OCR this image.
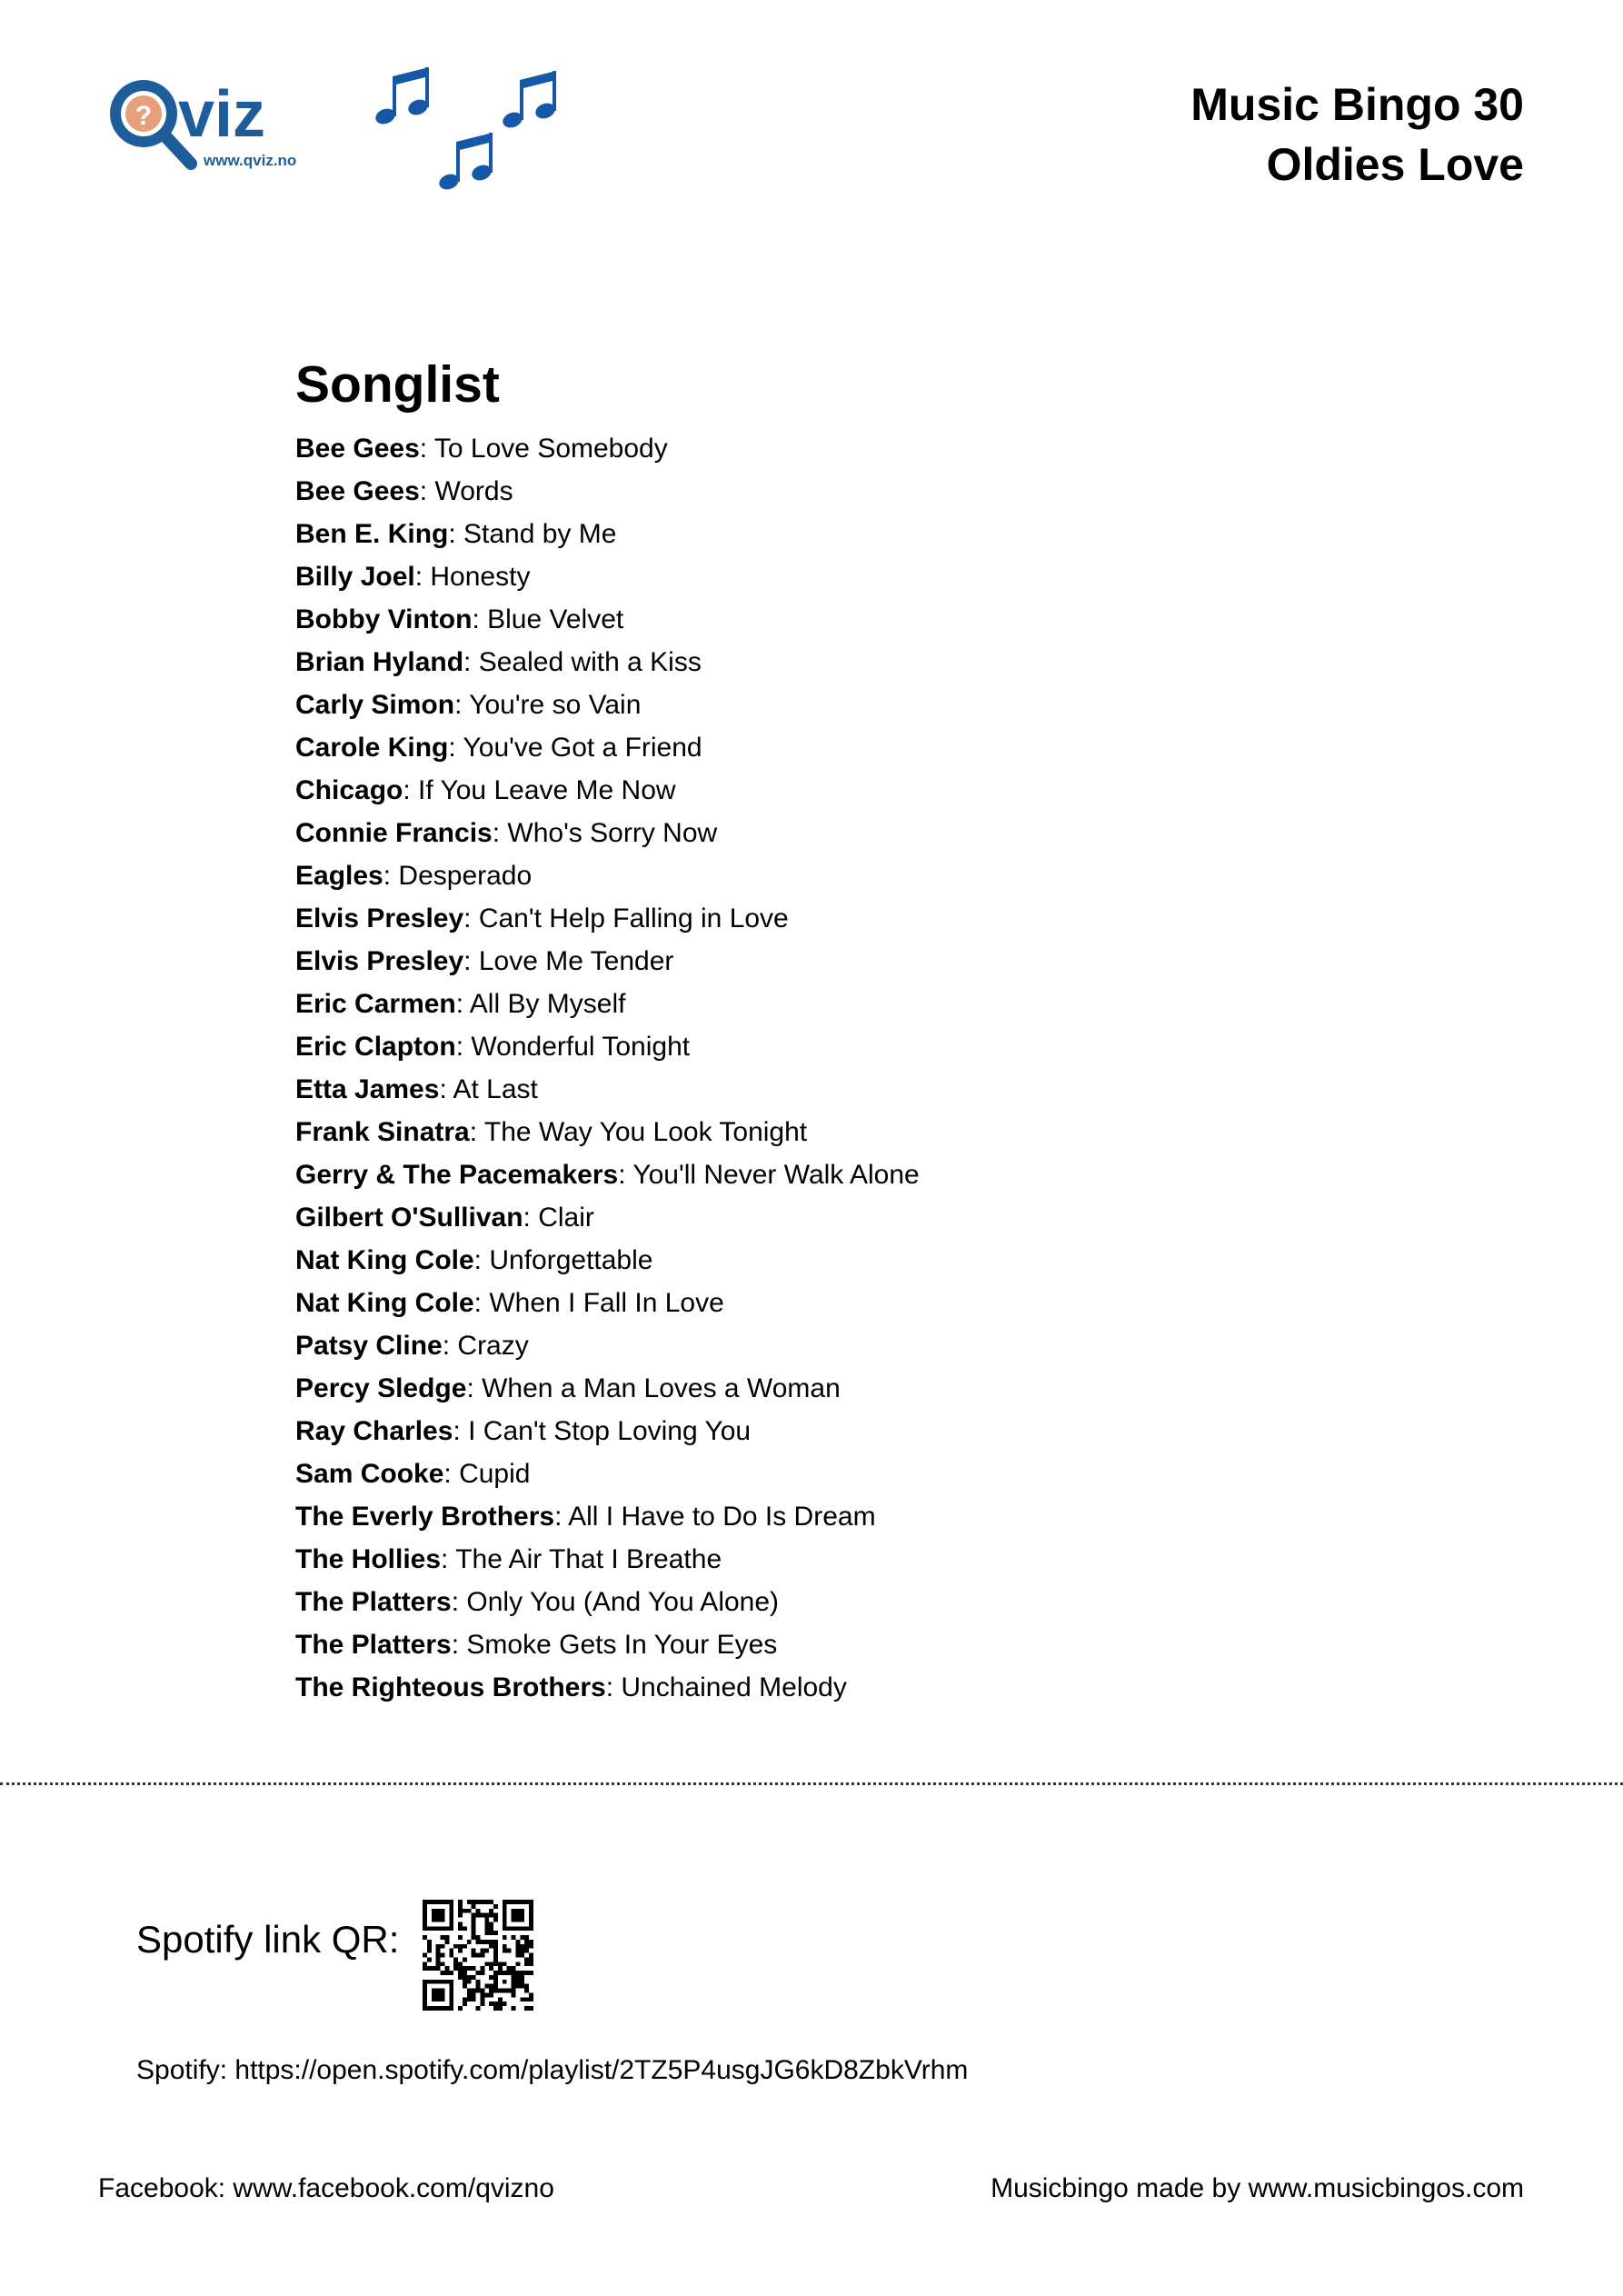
? viz
www.qviz.no
Music Bingo 30
Oldies Love
Songlist
Bee Gees: To Love Somebody
Bee Gees: Words
Ben E. King: Stand by Me
Billy Joel: Honesty
Bobby Vinton: Blue Velvet
Brian Hyland: Sealed with a Kiss
Carly Simon: You're so Vain
Carole King: You've Got a Friend
Chicago: If You Leave Me Now
Connie Francis: Who's Sorry Now
Eagles: Desperado
Elvis Presley: Can't Help Falling in Love
Elvis Presley: Love Me Tender
Eric Carmen: All By Myself
Eric Clapton: Wonderful Tonight
Etta James: At Last
Frank Sinatra: The Way You Look Tonight
Gerry & The Pacemakers: You'll Never Walk Alone
Gilbert O'Sullivan: Clair
Nat King Cole: Unforgettable
Nat King Cole: When I Fall In Love
Patsy Cline: Crazy
Percy Sledge: When a Man Loves a Woman
Ray Charles: I Can't Stop Loving You
Sam Cooke: Cupid
The Everly Brothers: All I Have to Do Is Dream
The Hollies: The Air That I Breathe
The Platters: Only You (And You Alone)
The Platters: Smoke Gets In Your Eyes
The Righteous Brothers: Unchained Melody
Spotify link QR:
Spotify: https://open.spotify.com/playlist/2TZ5P4usgJG6kD8ZbkVrhm
Facebook: www.facebook.com/qvizno	Musicbingo made by www.musicbingos.com
